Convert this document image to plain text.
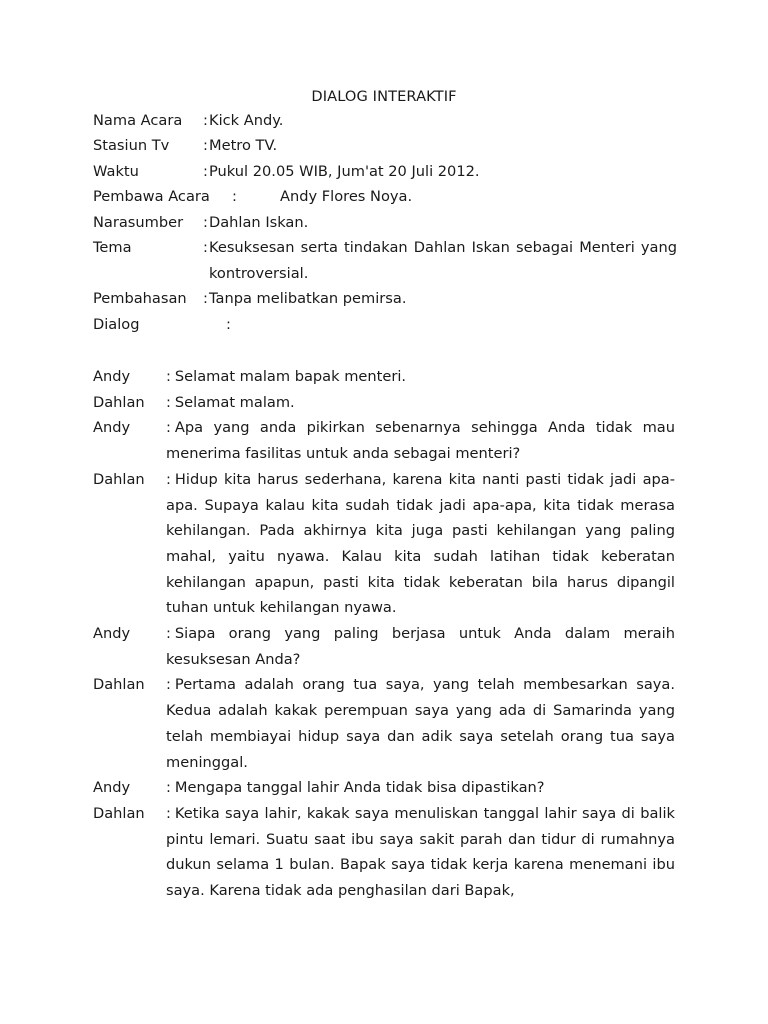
DIALOG INTERAKTIF
Nama Acara : Kick Andy.
Stasiun Tv : Metro TV.
Waktu	: Pukul 20.05 WIB, Jum'at 20 Juli 2012.
Pembawa Acara :	Andy Flores Noya.
Narasumber : Dahlan Iskan.
Tema	: Kesuksesan serta tindakan Dahlan Iskan sebagai Menteri yang kontroversial.
Pembahasan : Tanpa melibatkan pemirsa.
Dialog	:
Andy : Selamat malam bapak menteri.
Dahlan : Selamat malam.
Andy : Apa yang anda pikirkan sebenarnya sehingga Anda tidak mau menerima fasilitas untuk anda sebagai menteri?
Dahlan : Hidup kita harus sederhana, karena kita nanti pasti tidak jadi apa-apa. Supaya kalau kita sudah tidak jadi apa-apa, kita tidak merasa kehilangan. Pada akhirnya kita juga pasti kehilangan yang paling mahal, yaitu nyawa. Kalau kita sudah latihan tidak keberatan kehilangan apapun, pasti kita tidak keberatan bila harus dipangil tuhan untuk kehilangan nyawa.
Andy : Siapa orang yang paling berjasa untuk Anda dalam meraih kesuksesan Anda?
Dahlan : Pertama adalah orang tua saya, yang telah membesarkan saya. Kedua adalah kakak perempuan saya yang ada di Samarinda yang telah membiayai hidup saya dan adik saya setelah orang tua saya meninggal.
Andy : Mengapa tanggal lahir Anda tidak bisa dipastikan?
Dahlan : Ketika saya lahir, kakak saya menuliskan tanggal lahir saya di balik pintu lemari. Suatu saat ibu saya sakit parah dan tidur di rumahnya dukun selama 1 bulan. Bapak saya tidak kerja karena menemani ibu saya. Karena tidak ada penghasilan dari Bapak,
